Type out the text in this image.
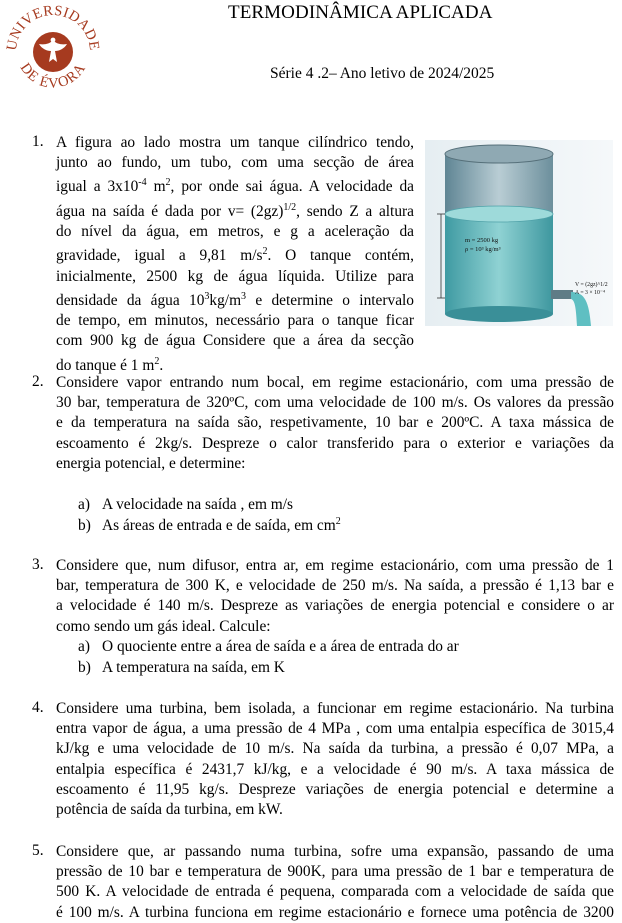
UNIVERSIDADE
DE ÉVORA
TERMODINÂMICA APLICADA
Série 4 .2– Ano letivo de 2024/2025
1. A figura ao lado mostra um tanque cilíndrico tendo,
junto ao fundo, um tubo, com uma secção de área
igual a $3x10^{-4}$ $m^2$, por onde sai água. A velocidade da
água na saída é dada por $v= (2gz)^{1/2}$, sendo Z a altura
do nível da água, em metros, e g a aceleração da
gravidade, igual a 9,81 $m/s^2$. O tanque contém,
inicialmente, 2500 kg de água líquida. Utilize para
densidade da água $10^3kg/m^3$ e determine o intervalo
de tempo, em minutos, necessário para o tanque ficar
com 900 kg de água Considere que a área da secção
do tanque é 1 $m^2$.
m = 2500 kg
ρ = 10³ kg/m³
V = (2gz)^1/2
A = 3 × 10⁻⁴
2. Considere vapor entrando num bocal, em regime estacionário, com uma pressão de
30 bar, temperatura de 320ºC, com uma velocidade de 100 m/s. Os valores da pressão
e da temperatura na saída são, respetivamente, 10 bar e 200ºC. A taxa mássica de
escoamento é 2kg/s. Despreze o calor transferido para o exterior e variações da
energia potencial, e determine:
a) A velocidade na saída , em m/s
b) As áreas de entrada e de saída, em $cm^2$
3. Considere que, num difusor, entra ar, em regime estacionário, com uma pressão de 1
bar, temperatura de 300 K, e velocidade de 250 m/s. Na saída, a pressão é 1,13 bar e
a velocidade é 140 m/s. Despreze as variações de energia potencial e considere o ar
como sendo um gás ideal. Calcule:
a) O quociente entre a área de saída e a área de entrada do ar
b) A temperatura na saída, em K
4. Considere uma turbina, bem isolada, a funcionar em regime estacionário. Na turbina
entra vapor de água, a uma pressão de 4 MPa , com uma entalpia específica de 3015,4
kJ/kg e uma velocidade de 10 m/s. Na saída da turbina, a pressão é 0,07 MPa, a
entalpia específica é 2431,7 kJ/kg, e a velocidade é 90 m/s. A taxa mássica de
escoamento é 11,95 kg/s. Despreze variações de energia potencial e determine a
potência de saída da turbina, em kW.
5. Considere que, ar passando numa turbina, sofre uma expansão, passando de uma
pressão de 10 bar e temperatura de 900K, para uma pressão de 1 bar e temperatura de
500 K. A velocidade de entrada é pequena, comparada com a velocidade de saída que
é 100 m/s. A turbina funciona em regime estacionário e fornece uma potência de 3200
